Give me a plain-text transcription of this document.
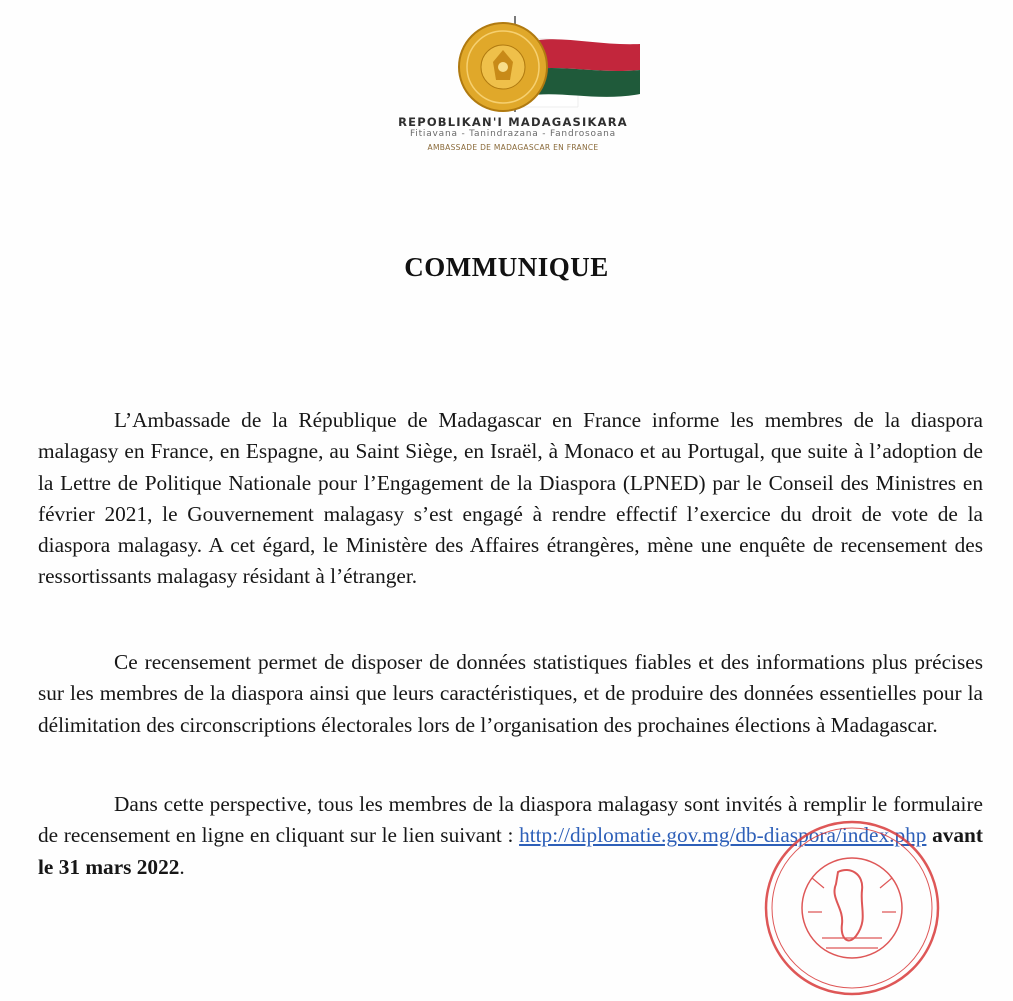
REPOBLIKAN'I MADAGASIKARA
Fitiavana - Tanindrazana - Fandrosoana
AMBASSADE DE MADAGASCAR EN FRANCE
COMMUNIQUE

L’Ambassade de la République de Madagascar en France informe les membres de la diaspora malagasy en France, en Espagne, au Saint Siège, en Israël, à Monaco et au Portugal, que suite à l’adoption de la Lettre de Politique Nationale pour l’Engagement de la Diaspora (LPNED) par le Conseil des Ministres en février 2021, le Gouvernement malagasy s’est engagé à rendre effectif l’exercice du droit de vote de la diaspora malagasy. A cet égard, le Ministère des Affaires étrangères, mène une enquête de recensement des ressortissants malagasy résidant à l’étranger.

Ce recensement permet de disposer de données statistiques fiables et des informations plus précises sur les membres de la diaspora ainsi que leurs caractéristiques, et de produire des données essentielles pour la délimitation des circonscriptions électorales lors de l’organisation des prochaines élections à Madagascar.

Dans cette perspective, tous les membres de la diaspora malagasy sont invités à remplir le formulaire de recensement en ligne en cliquant sur le lien suivant : http://diplomatie.gov.mg/db-diaspora/index.php avant le 31 mars 2022.
